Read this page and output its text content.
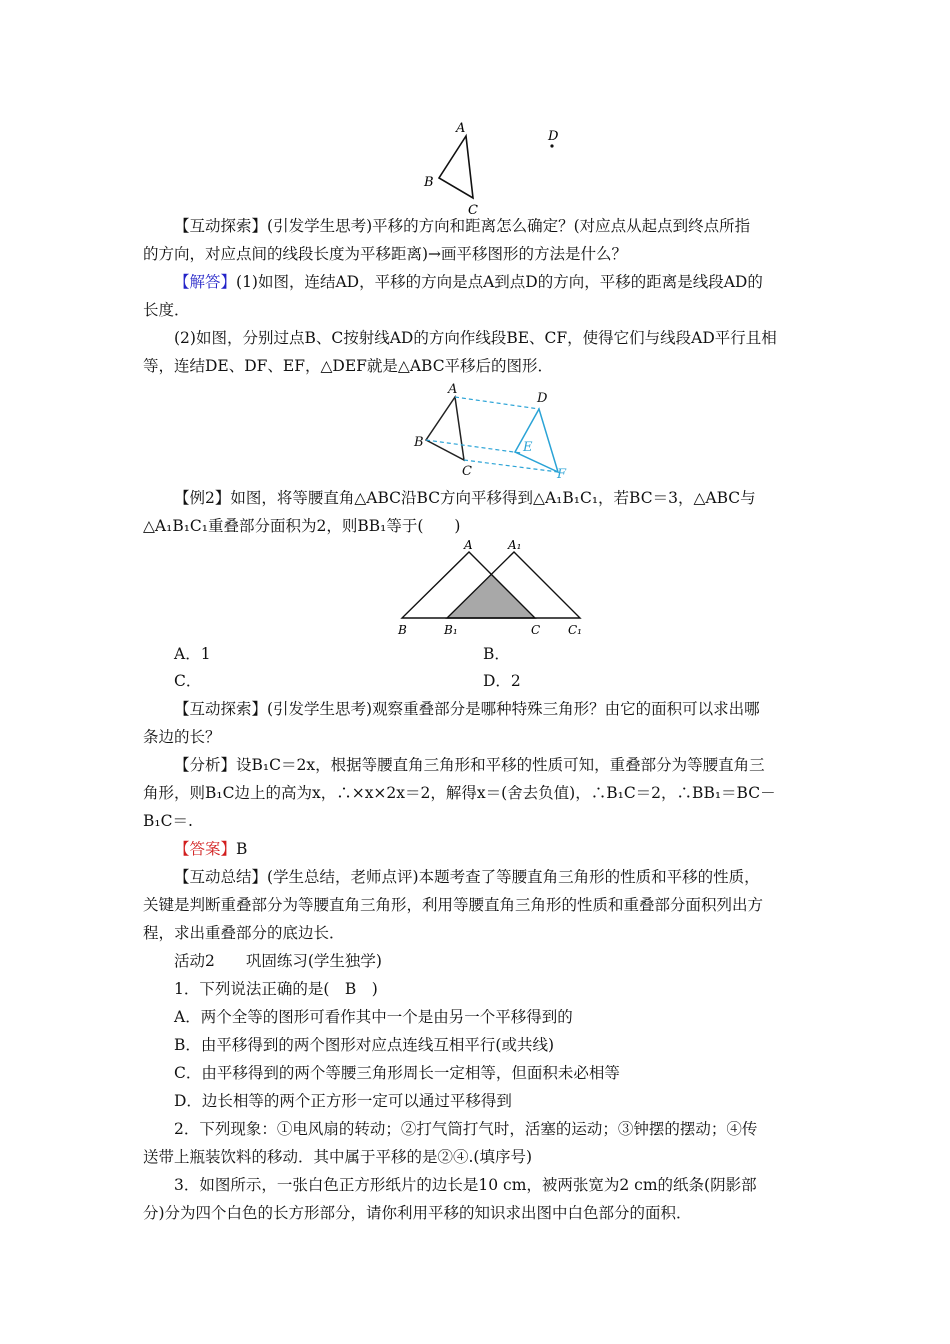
A
B
C
D
【互动探索】(引发学生思考)平移的方向和距离怎么确定？(对应点从起点到终点所指
的方向，对应点间的线段长度为平移距离)→画平移图形的方法是什么？
【解答】(1)如图，连结AD，平移的方向是点A到点D的方向，平移的距离是线段AD的
长度．
(2)如图，分别过点B、C按射线AD的方向作线段BE、CF，使得它们与线段AD平行且相
等，连结DE、DF、EF，△DEF就是△ABC平移后的图形．
A
B
C
D
E
F
【例2】如图，将等腰直角△ABC沿BC方向平移得到△A₁B₁C₁，若BC＝3，△ABC与
△A₁B₁C₁重叠部分面积为2，则BB₁等于(　　)
A	A₁
B	B₁	C C₁
A．1	B．
C．	D．2
【互动探索】(引发学生思考)观察重叠部分是哪种特殊三角形？由它的面积可以求出哪
条边的长？
【分析】设B₁C＝2x，根据等腰直角三角形和平移的性质可知，重叠部分为等腰直角三
角形，则B₁C边上的高为x，∴×x×2x＝2，解得x＝(舍去负值)，∴B₁C＝2，∴BB₁＝BC－
B₁C＝.
【答案】B
【互动总结】(学生总结，老师点评)本题考查了等腰直角三角形的性质和平移的性质，
关键是判断重叠部分为等腰直角三角形，利用等腰直角三角形的性质和重叠部分面积列出方
程，求出重叠部分的底边长．
活动2　　巩固练习(学生独学)
1．下列说法正确的是(　B　)
A．两个全等的图形可看作其中一个是由另一个平移得到的
B．由平移得到的两个图形对应点连线互相平行(或共线)
C．由平移得到的两个等腰三角形周长一定相等，但面积未必相等
D．边长相等的两个正方形一定可以通过平移得到
2．下列现象：①电风扇的转动；②打气筒打气时，活塞的运动；③钟摆的摆动；④传
送带上瓶装饮料的移动．其中属于平移的是②④.(填序号)
3．如图所示，一张白色正方形纸片的边长是10 cm，被两张宽为2 cm的纸条(阴影部
分)分为四个白色的长方形部分，请你利用平移的知识求出图中白色部分的面积．
